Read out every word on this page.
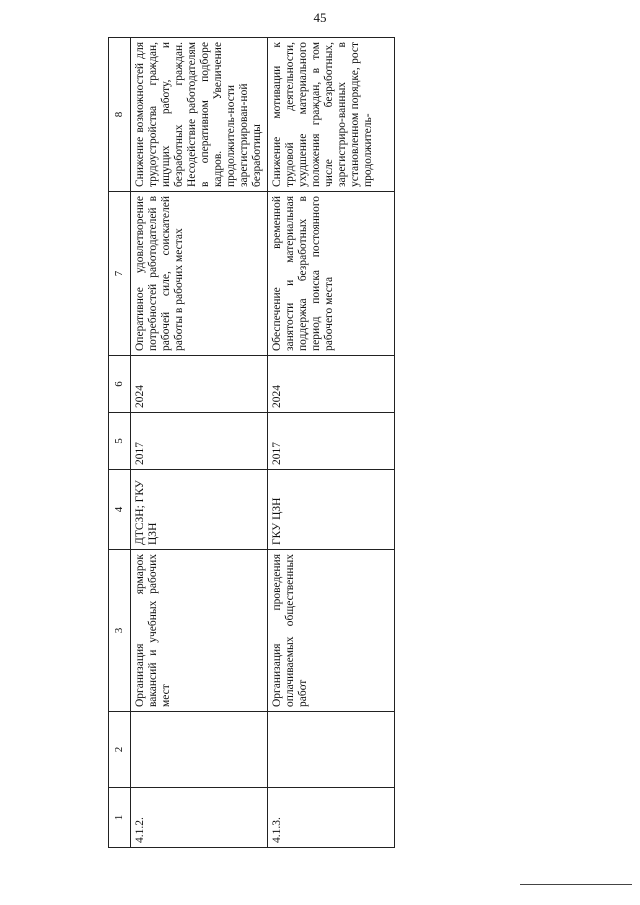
45
1	2	3	4	5	6	7	8
4.1.2.		Организация ярмарок вакансий и учебных рабочих мест	ДТСЗН; ГКУ ЦЗН	2017	2024	Оперативное удовлетворение потребностей работодателей в рабочей силе, соискателей работы в рабочих местах	Снижение возможностей для трудоустройства граждан, ищущих работу, и безработных граждан. Несодействие работодателям в оперативном подборе кадров. Увеличение продолжитель-ности зарегистрирован-ной безработицы
4.1.3.		Организация проведения оплачиваемых общественных работ	ГКУ ЦЗН	2017	2024	Обеспечение временной занятости и материальная поддержка безработных в период поиска постоянного рабочего места	Снижение мотивации к трудовой деятельности, ухудшение материального положения граждан, в том числе безработных, зарегистриро-ванных в установленном порядке, рост продолжитель-
